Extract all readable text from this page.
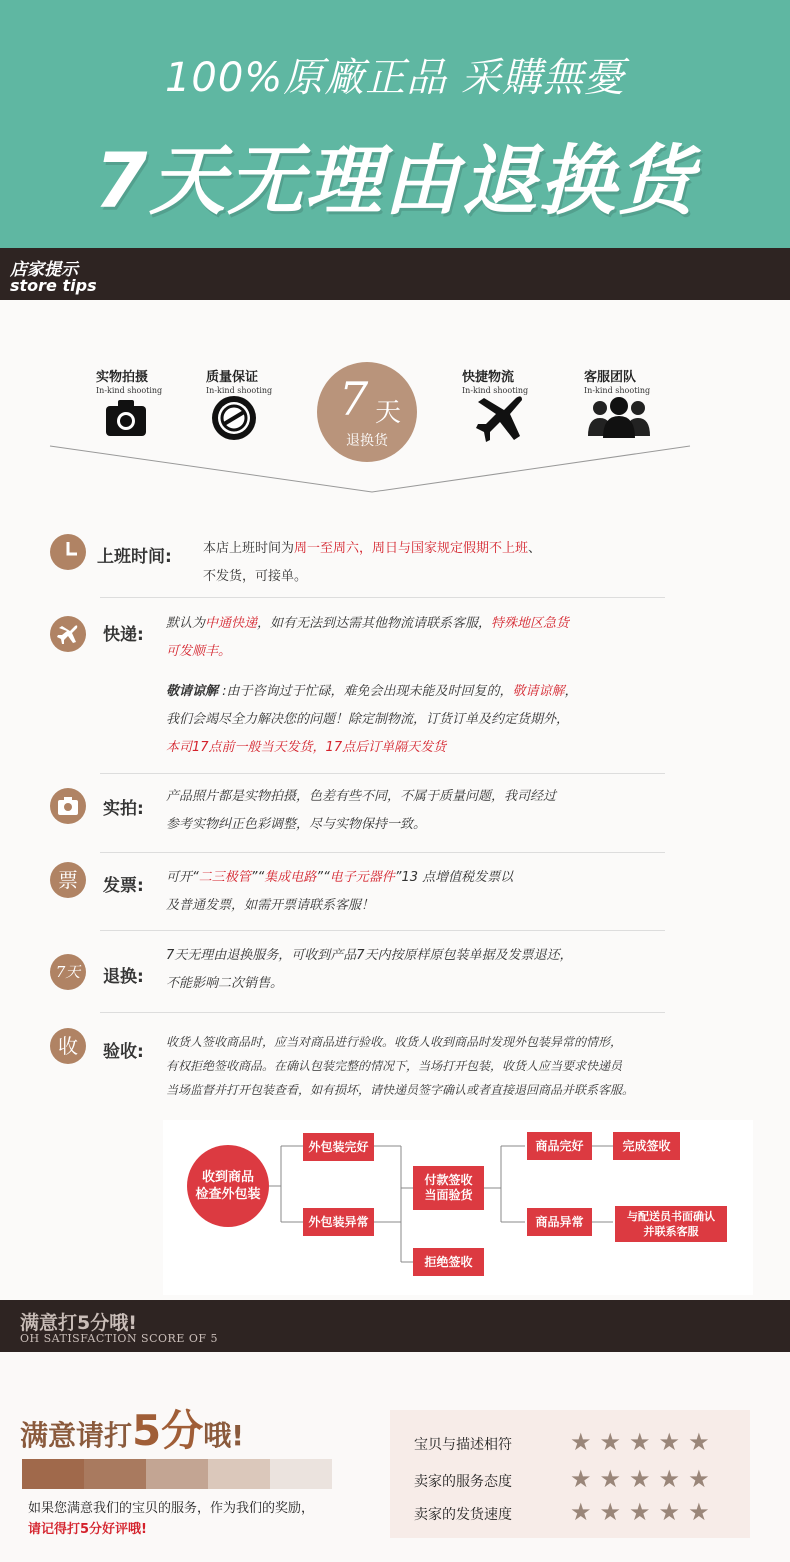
100%原廠正品 采購無憂
7天无理由退换货
店家提示
store tips
实物拍摄
In-kind shooting
质量保证
In-kind shooting 7 天
退换货
快捷物流
In-kind shooting
客服团队
In-kind shooting
上班时间: 本店上班时间为周一至周六，周日与国家规定假期不上班、
不发货，可接单。
快递:
默认为中通快递，如有无法到达需其他物流请联系客服，特殊地区急货
可发顺丰。
敬请谅解 :由于咨询过于忙碌，难免会出现未能及时回复的，敬请谅解，
我们会竭尽全力解决您的问题！除定制物流，订货订单及约定货期外，
本司17点前一般当天发货，17点后订单隔天发货
实拍:
产品照片都是实物拍摄，色差有些不同，不属于质量问题，我司经过
参考实物纠正色彩调整，尽与实物保持一致。
票	发票: 可开“二三极管”“集成电路”“电子元器件”13 点增值税发票以
及普通发票，如需开票请联系客服！
7天	退换:
7天无理由退换服务，可收到产品7天内按原样原包装单据及发票退还，
不能影响二次销售。
收	验收: 收货人签收商品时，应当对商品进行验收。收货人收到商品时发现外包装异常的情形，
有权拒绝签收商品。在确认包装完整的情况下，当场打开包装，收货人应当要求快递员
当场监督并打开包装查看，如有损坏，请快递员签字确认或者直接退回商品并联系客服。
收到商品
检查外包装
外包装完好
外包装异常
付款签收
当面验货
拒绝签收
商品完好	完成签收
商品异常	与配送员书面确认
并联系客服
满意打5分哦!
OH SATISFACTION SCORE OF 5
满意请打5分哦!
如果您满意我们的宝贝的服务，作为我们的奖励，
请记得打5分好评哦!
宝贝与描述相符 ★★★★★
卖家的服务态度 ★★★★★
卖家的发货速度 ★★★★★
